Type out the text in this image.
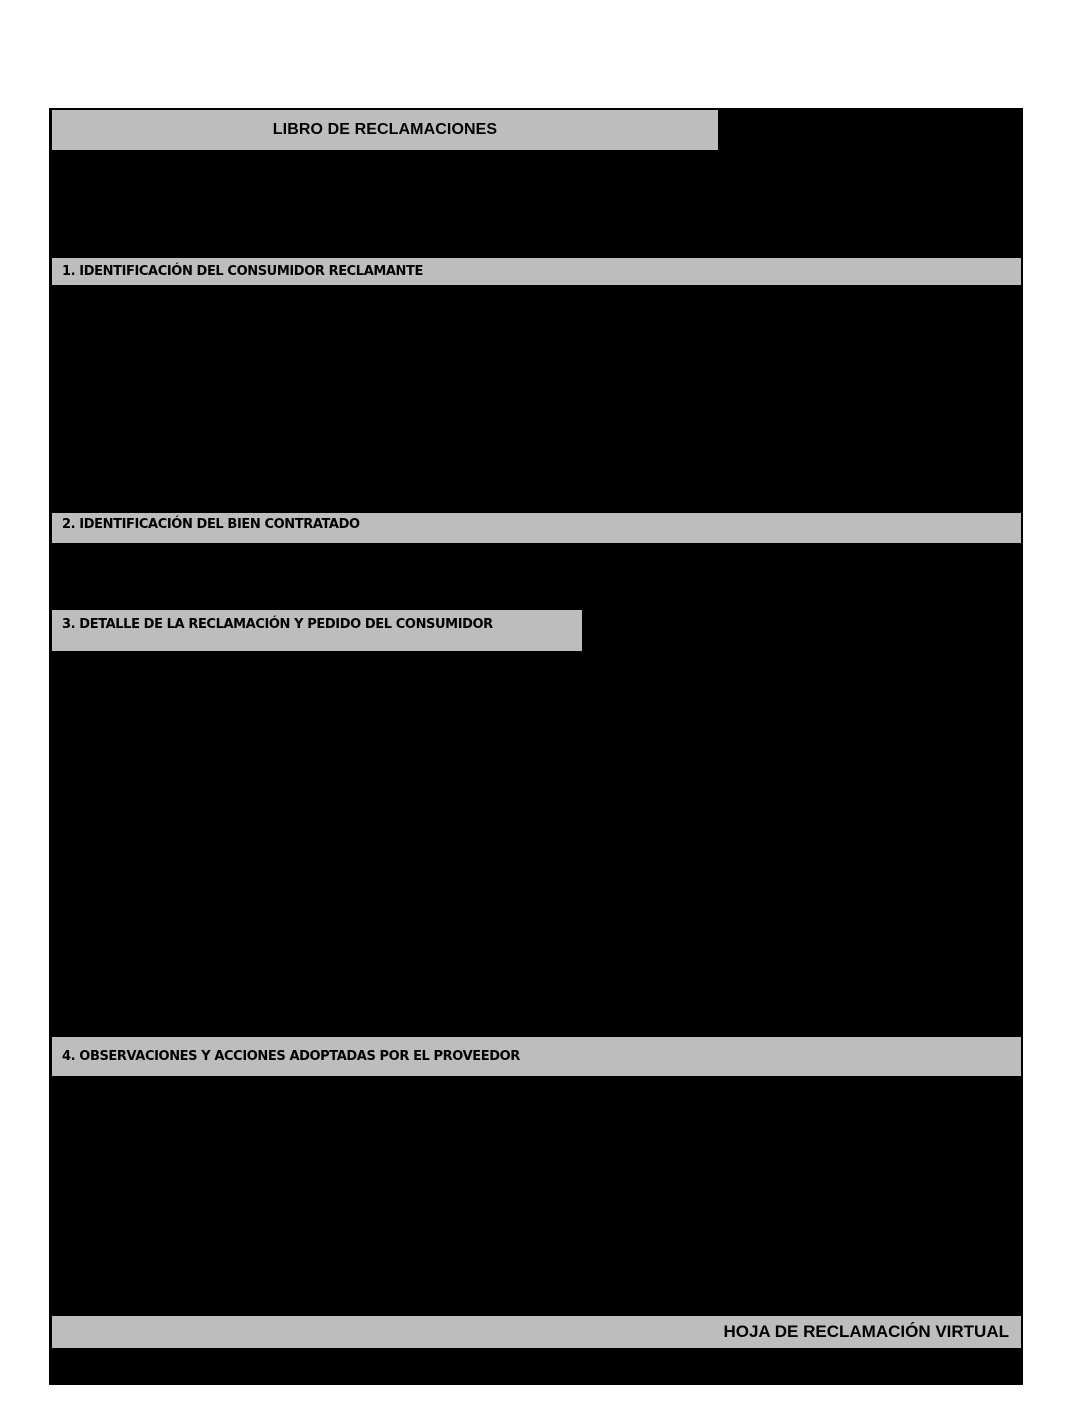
LIBRO DE RECLAMACIONES
1. IDENTIFICACIÓN DEL CONSUMIDOR RECLAMANTE
2. IDENTIFICACIÓN DEL BIEN CONTRATADO
3. DETALLE DE LA RECLAMACIÓN Y PEDIDO DEL CONSUMIDOR
4. OBSERVACIONES Y ACCIONES ADOPTADAS POR EL PROVEEDOR
HOJA DE RECLAMACIÓN VIRTUAL
